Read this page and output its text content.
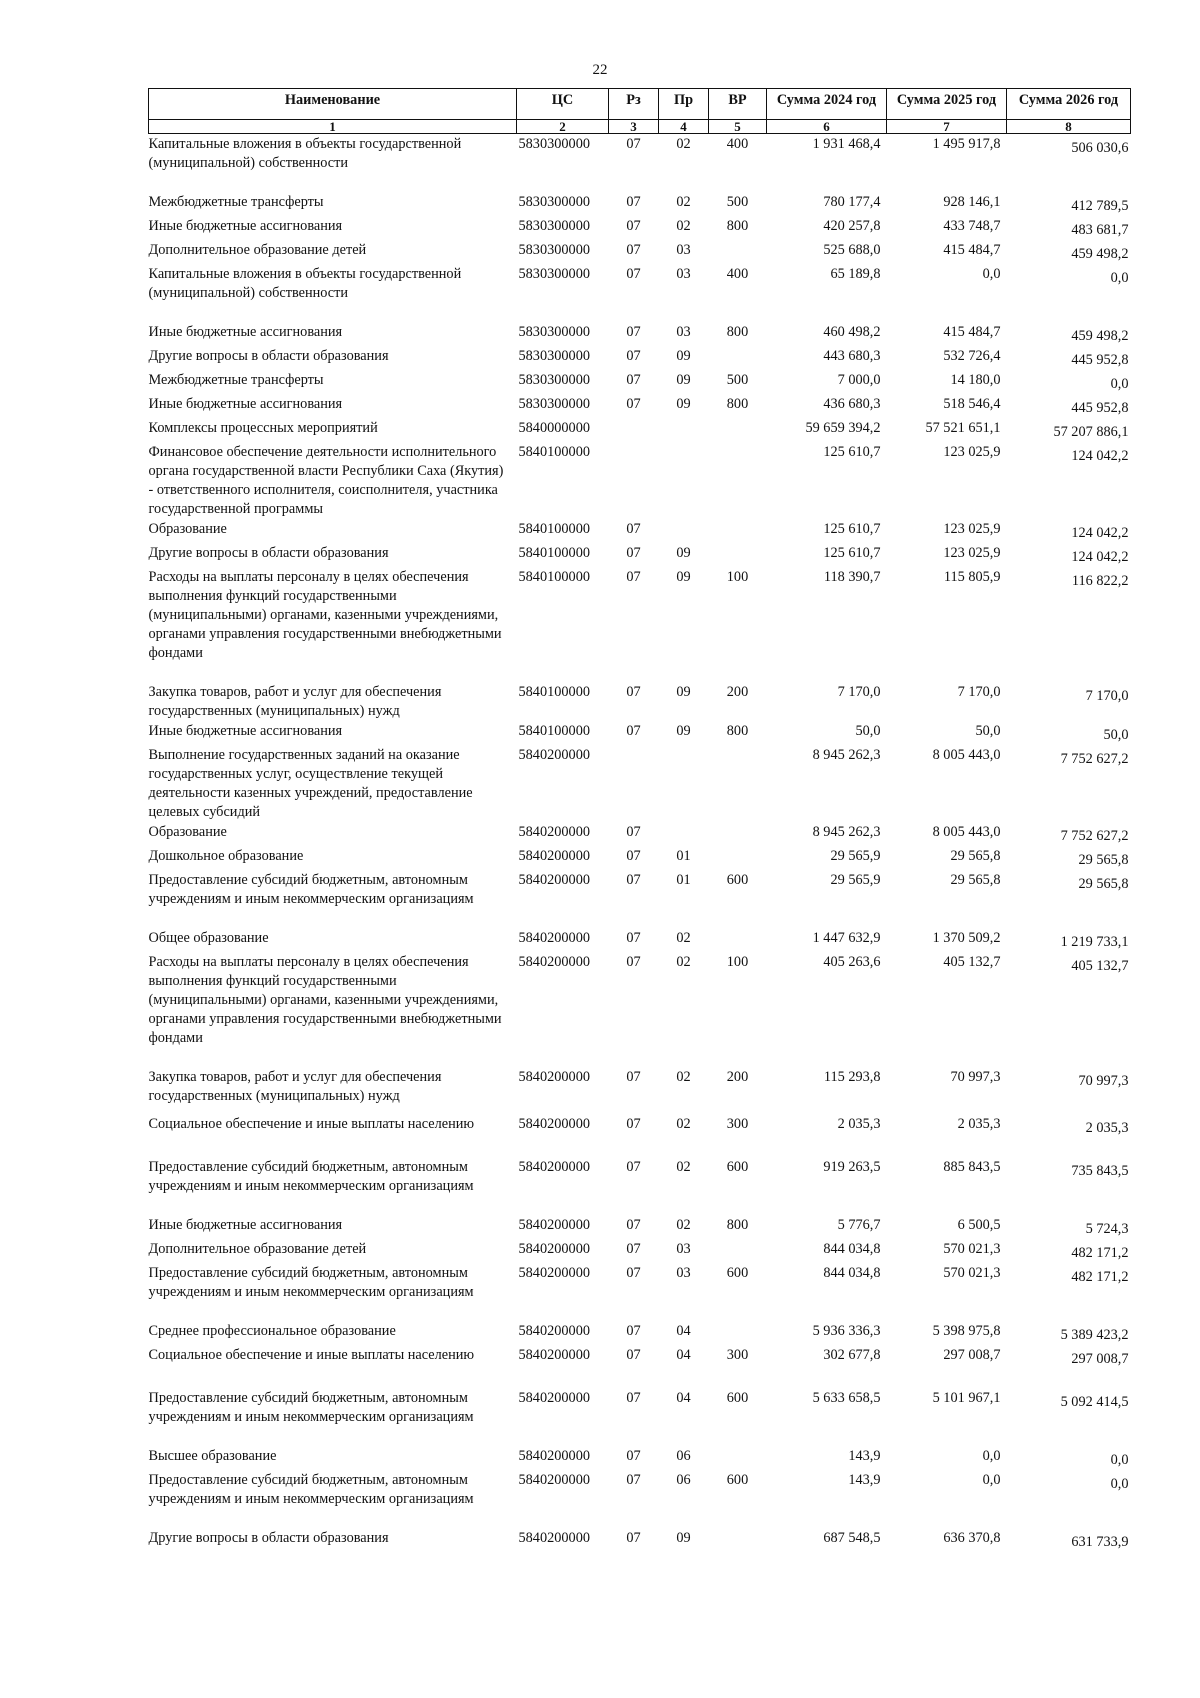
22
Наименование	ЦС	Рз	Пр	ВР	Сумма 2024 год	Сумма 2025 год	Сумма 2026 год
1	2	3	4	5	6	7	8
Капитальные вложения в объекты государственной (муниципальной) собственности	5830300000	07	02	400	1 931 468,4	1 495 917,8	506 030,6
Межбюджетные трансферты	5830300000	07	02	500	780 177,4	928 146,1	412 789,5
Иные бюджетные ассигнования	5830300000	07	02	800	420 257,8	433 748,7	483 681,7
Дополнительное образование детей	5830300000	07	03		525 688,0	415 484,7	459 498,2
Капитальные вложения в объекты государственной (муниципальной) собственности	5830300000	07	03	400	65 189,8	0,0	0,0
Иные бюджетные ассигнования	5830300000	07	03	800	460 498,2	415 484,7	459 498,2
Другие вопросы в области образования	5830300000	07	09		443 680,3	532 726,4	445 952,8
Межбюджетные трансферты	5830300000	07	09	500	7 000,0	14 180,0	0,0
Иные бюджетные ассигнования	5830300000	07	09	800	436 680,3	518 546,4	445 952,8
Комплексы процессных мероприятий	5840000000				59 659 394,2	57 521 651,1	57 207 886,1
Финансовое обеспечение деятельности исполнительного органа государственной власти Республики Саха (Якутия) - ответственного исполнителя, соисполнителя, участника государственной программы	5840100000				125 610,7	123 025,9	124 042,2
Образование	5840100000	07			125 610,7	123 025,9	124 042,2
Другие вопросы в области образования	5840100000	07	09		125 610,7	123 025,9	124 042,2
Расходы на выплаты персоналу в целях обеспечения выполнения функций государственными (муниципальными) органами, казенными учреждениями, органами управления государственными внебюджетными фондами	5840100000	07	09	100	118 390,7	115 805,9	116 822,2
Закупка товаров, работ и услуг для обеспечения государственных (муниципальных) нужд	5840100000	07	09	200	7 170,0	7 170,0	7 170,0
Иные бюджетные ассигнования	5840100000	07	09	800	50,0	50,0	50,0
Выполнение государственных заданий на оказание государственных услуг, осуществление текущей деятельности казенных учреждений, предоставление целевых субсидий	5840200000				8 945 262,3	8 005 443,0	7 752 627,2
Образование	5840200000	07			8 945 262,3	8 005 443,0	7 752 627,2
Дошкольное образование	5840200000	07	01		29 565,9	29 565,8	29 565,8
Предоставление субсидий бюджетным, автономным учреждениям и иным некоммерческим организациям	5840200000	07	01	600	29 565,9	29 565,8	29 565,8
Общее образование	5840200000	07	02		1 447 632,9	1 370 509,2	1 219 733,1
Расходы на выплаты персоналу в целях обеспечения выполнения функций государственными (муниципальными) органами, казенными учреждениями, органами управления государственными внебюджетными фондами	5840200000	07	02	100	405 263,6	405 132,7	405 132,7
Закупка товаров, работ и услуг для обеспечения государственных (муниципальных) нужд	5840200000	07	02	200	115 293,8	70 997,3	70 997,3
Социальное обеспечение и иные выплаты населению	5840200000	07	02	300	2 035,3	2 035,3	2 035,3
Предоставление субсидий бюджетным, автономным учреждениям и иным некоммерческим организациям	5840200000	07	02	600	919 263,5	885 843,5	735 843,5
Иные бюджетные ассигнования	5840200000	07	02	800	5 776,7	6 500,5	5 724,3
Дополнительное образование детей	5840200000	07	03		844 034,8	570 021,3	482 171,2
Предоставление субсидий бюджетным, автономным учреждениям и иным некоммерческим организациям	5840200000	07	03	600	844 034,8	570 021,3	482 171,2
Среднее профессиональное образование	5840200000	07	04		5 936 336,3	5 398 975,8	5 389 423,2
Социальное обеспечение и иные выплаты населению	5840200000	07	04	300	302 677,8	297 008,7	297 008,7
Предоставление субсидий бюджетным, автономным учреждениям и иным некоммерческим организациям	5840200000	07	04	600	5 633 658,5	5 101 967,1	5 092 414,5
Высшее образование	5840200000	07	06		143,9	0,0	0,0
Предоставление субсидий бюджетным, автономным учреждениям и иным некоммерческим организациям	5840200000	07	06	600	143,9	0,0	0,0
Другие вопросы в области образования	5840200000	07	09		687 548,5	636 370,8	631 733,9
